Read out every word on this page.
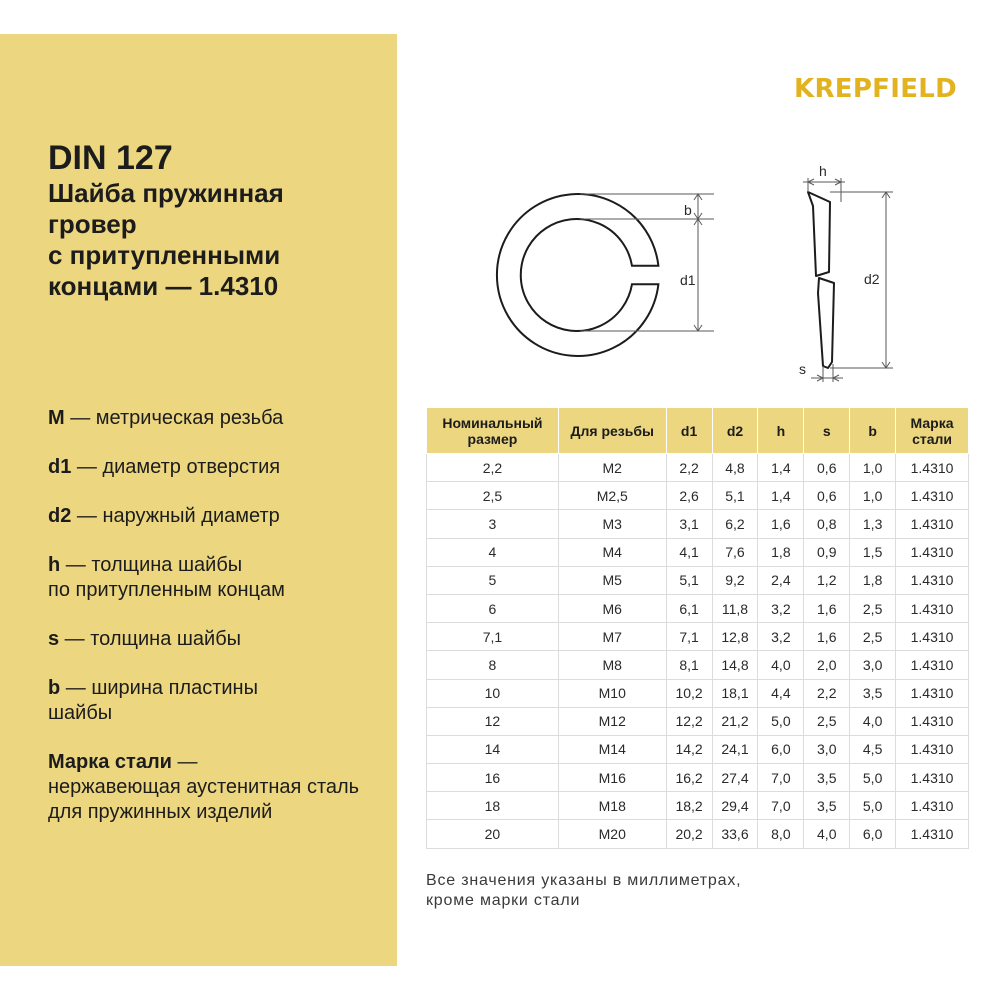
DIN 127
Шайба пружинная
гровер
с притупленными
концами — 1.4310
M — метрическая резьба
d1 — диаметр отверстия
d2 — наружный диаметр
h — толщина шайбы
по притупленным концам
s — толщина шайбы
b — ширина пластины
шайбы
Марка стали —
нержавеющая аустенитная сталь для пружинных изделий
KREPFIELD
b
d1
h
d2
s
Номинальный
размер	Для резьбы	d1	d2	h	s	b	Марка
стали
2,2	M2	2,2	4,8	1,4	0,6	1,0	1.4310
2,5	M2,5	2,6	5,1	1,4	0,6	1,0	1.4310
3	M3	3,1	6,2	1,6	0,8	1,3	1.4310
4	M4	4,1	7,6	1,8	0,9	1,5	1.4310
5	M5	5,1	9,2	2,4	1,2	1,8	1.4310
6	M6	6,1	11,8	3,2	1,6	2,5	1.4310
7,1	M7	7,1	12,8	3,2	1,6	2,5	1.4310
8	M8	8,1	14,8	4,0	2,0	3,0	1.4310
10	M10	10,2	18,1	4,4	2,2	3,5	1.4310
12	M12	12,2	21,2	5,0	2,5	4,0	1.4310
14	M14	14,2	24,1	6,0	3,0	4,5	1.4310
16	M16	16,2	27,4	7,0	3,5	5,0	1.4310
18	M18	18,2	29,4	7,0	3,5	5,0	1.4310
20	M20	20,2	33,6	8,0	4,0	6,0	1.4310
Все значения указаны в миллиметрах,
кроме марки стали
